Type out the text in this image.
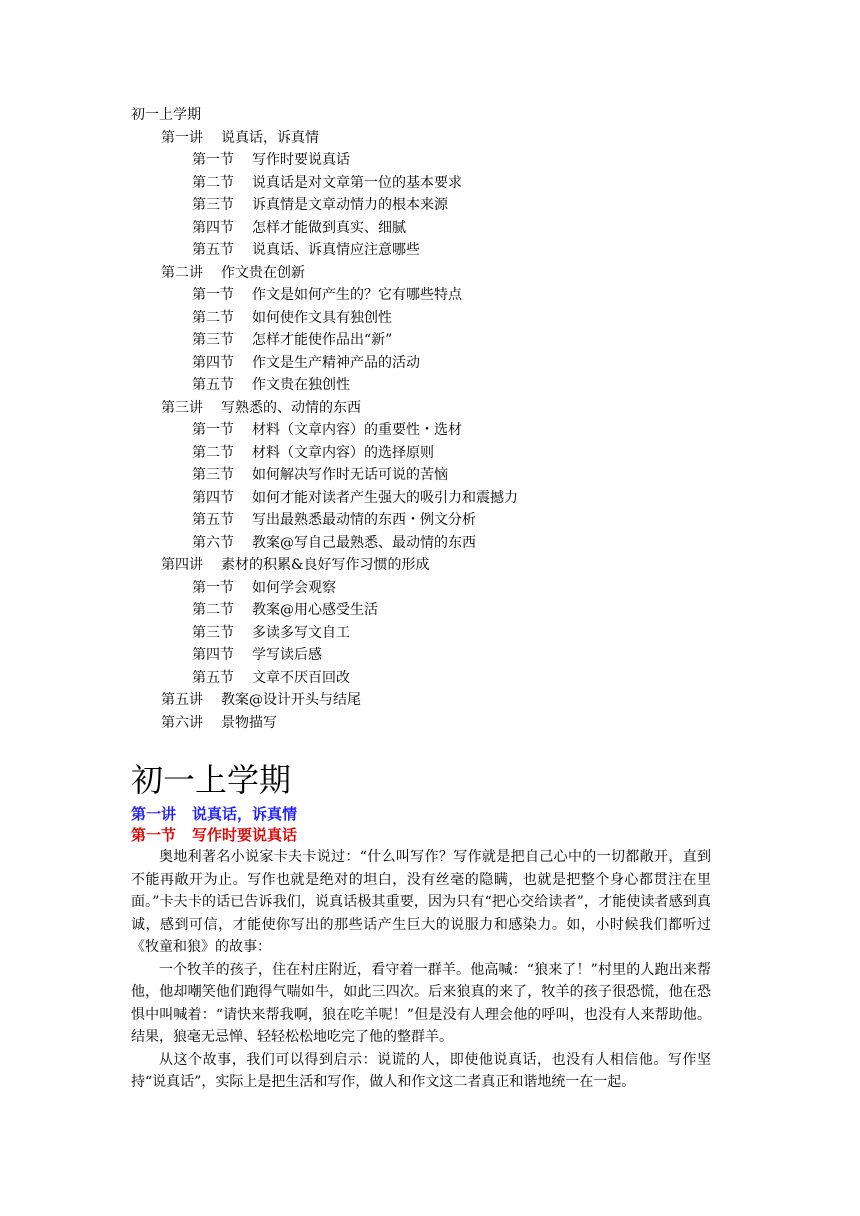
初一上学期
第一讲 说真话，诉真情
第一节 写作时要说真话
第二节 说真话是对文章第一位的基本要求
第三节 诉真情是文章动情力的根本来源
第四节 怎样才能做到真实、细腻
第五节 说真话、诉真情应注意哪些
第二讲 作文贵在创新
第一节 作文是如何产生的？它有哪些特点
第二节 如何使作文具有独创性
第三节 怎样才能使作品出“新”
第四节 作文是生产精神产品的活动
第五节 作文贵在独创性
第三讲 写熟悉的、动情的东西
第一节 材料（文章内容）的重要性・选材
第二节 材料（文章内容）的选择原则
第三节 如何解决写作时无话可说的苦恼
第四节 如何才能对读者产生强大的吸引力和震撼力
第五节 写出最熟悉最动情的东西・例文分析
第六节 教案@写自己最熟悉、最动情的东西
第四讲 素材的积累&良好写作习惯的形成
第一节 如何学会观察
第二节 教案@用心感受生活
第三节 多读多写文自工
第四节 学写读后感
第五节 文章不厌百回改
第五讲 教案@设计开头与结尾
第六讲 景物描写
初一上学期
第一讲 说真话，诉真情
第一节 写作时要说真话

奥地利著名小说家卡夫卡说过：“什么叫写作？写作就是把自己心中的一切都敞开，直到不能再敞开为止。写作也就是绝对的坦白，没有丝毫的隐瞒，也就是把整个身心都贯注在里面。”卡夫卡的话已告诉我们，说真话极其重要，因为只有“把心交给读者”，才能使读者感到真诚，感到可信，才能使你写出的那些话产生巨大的说服力和感染力。如，小时候我们都听过《牧童和狼》的故事：

一个牧羊的孩子，住在村庄附近，看守着一群羊。他高喊：“狼来了！”村里的人跑出来帮他，他却嘲笑他们跑得气喘如牛，如此三四次。后来狼真的来了，牧羊的孩子很恐慌，他在恐惧中叫喊着：“请快来帮我啊，狼在吃羊呢！”但是没有人理会他的呼叫，也没有人来帮助他。结果，狼毫无忌惮、轻轻松松地吃完了他的整群羊。

从这个故事，我们可以得到启示：说谎的人，即使他说真话，也没有人相信他。写作坚持“说真话”，实际上是把生活和写作，做人和作文这二者真正和谐地统一在一起。
